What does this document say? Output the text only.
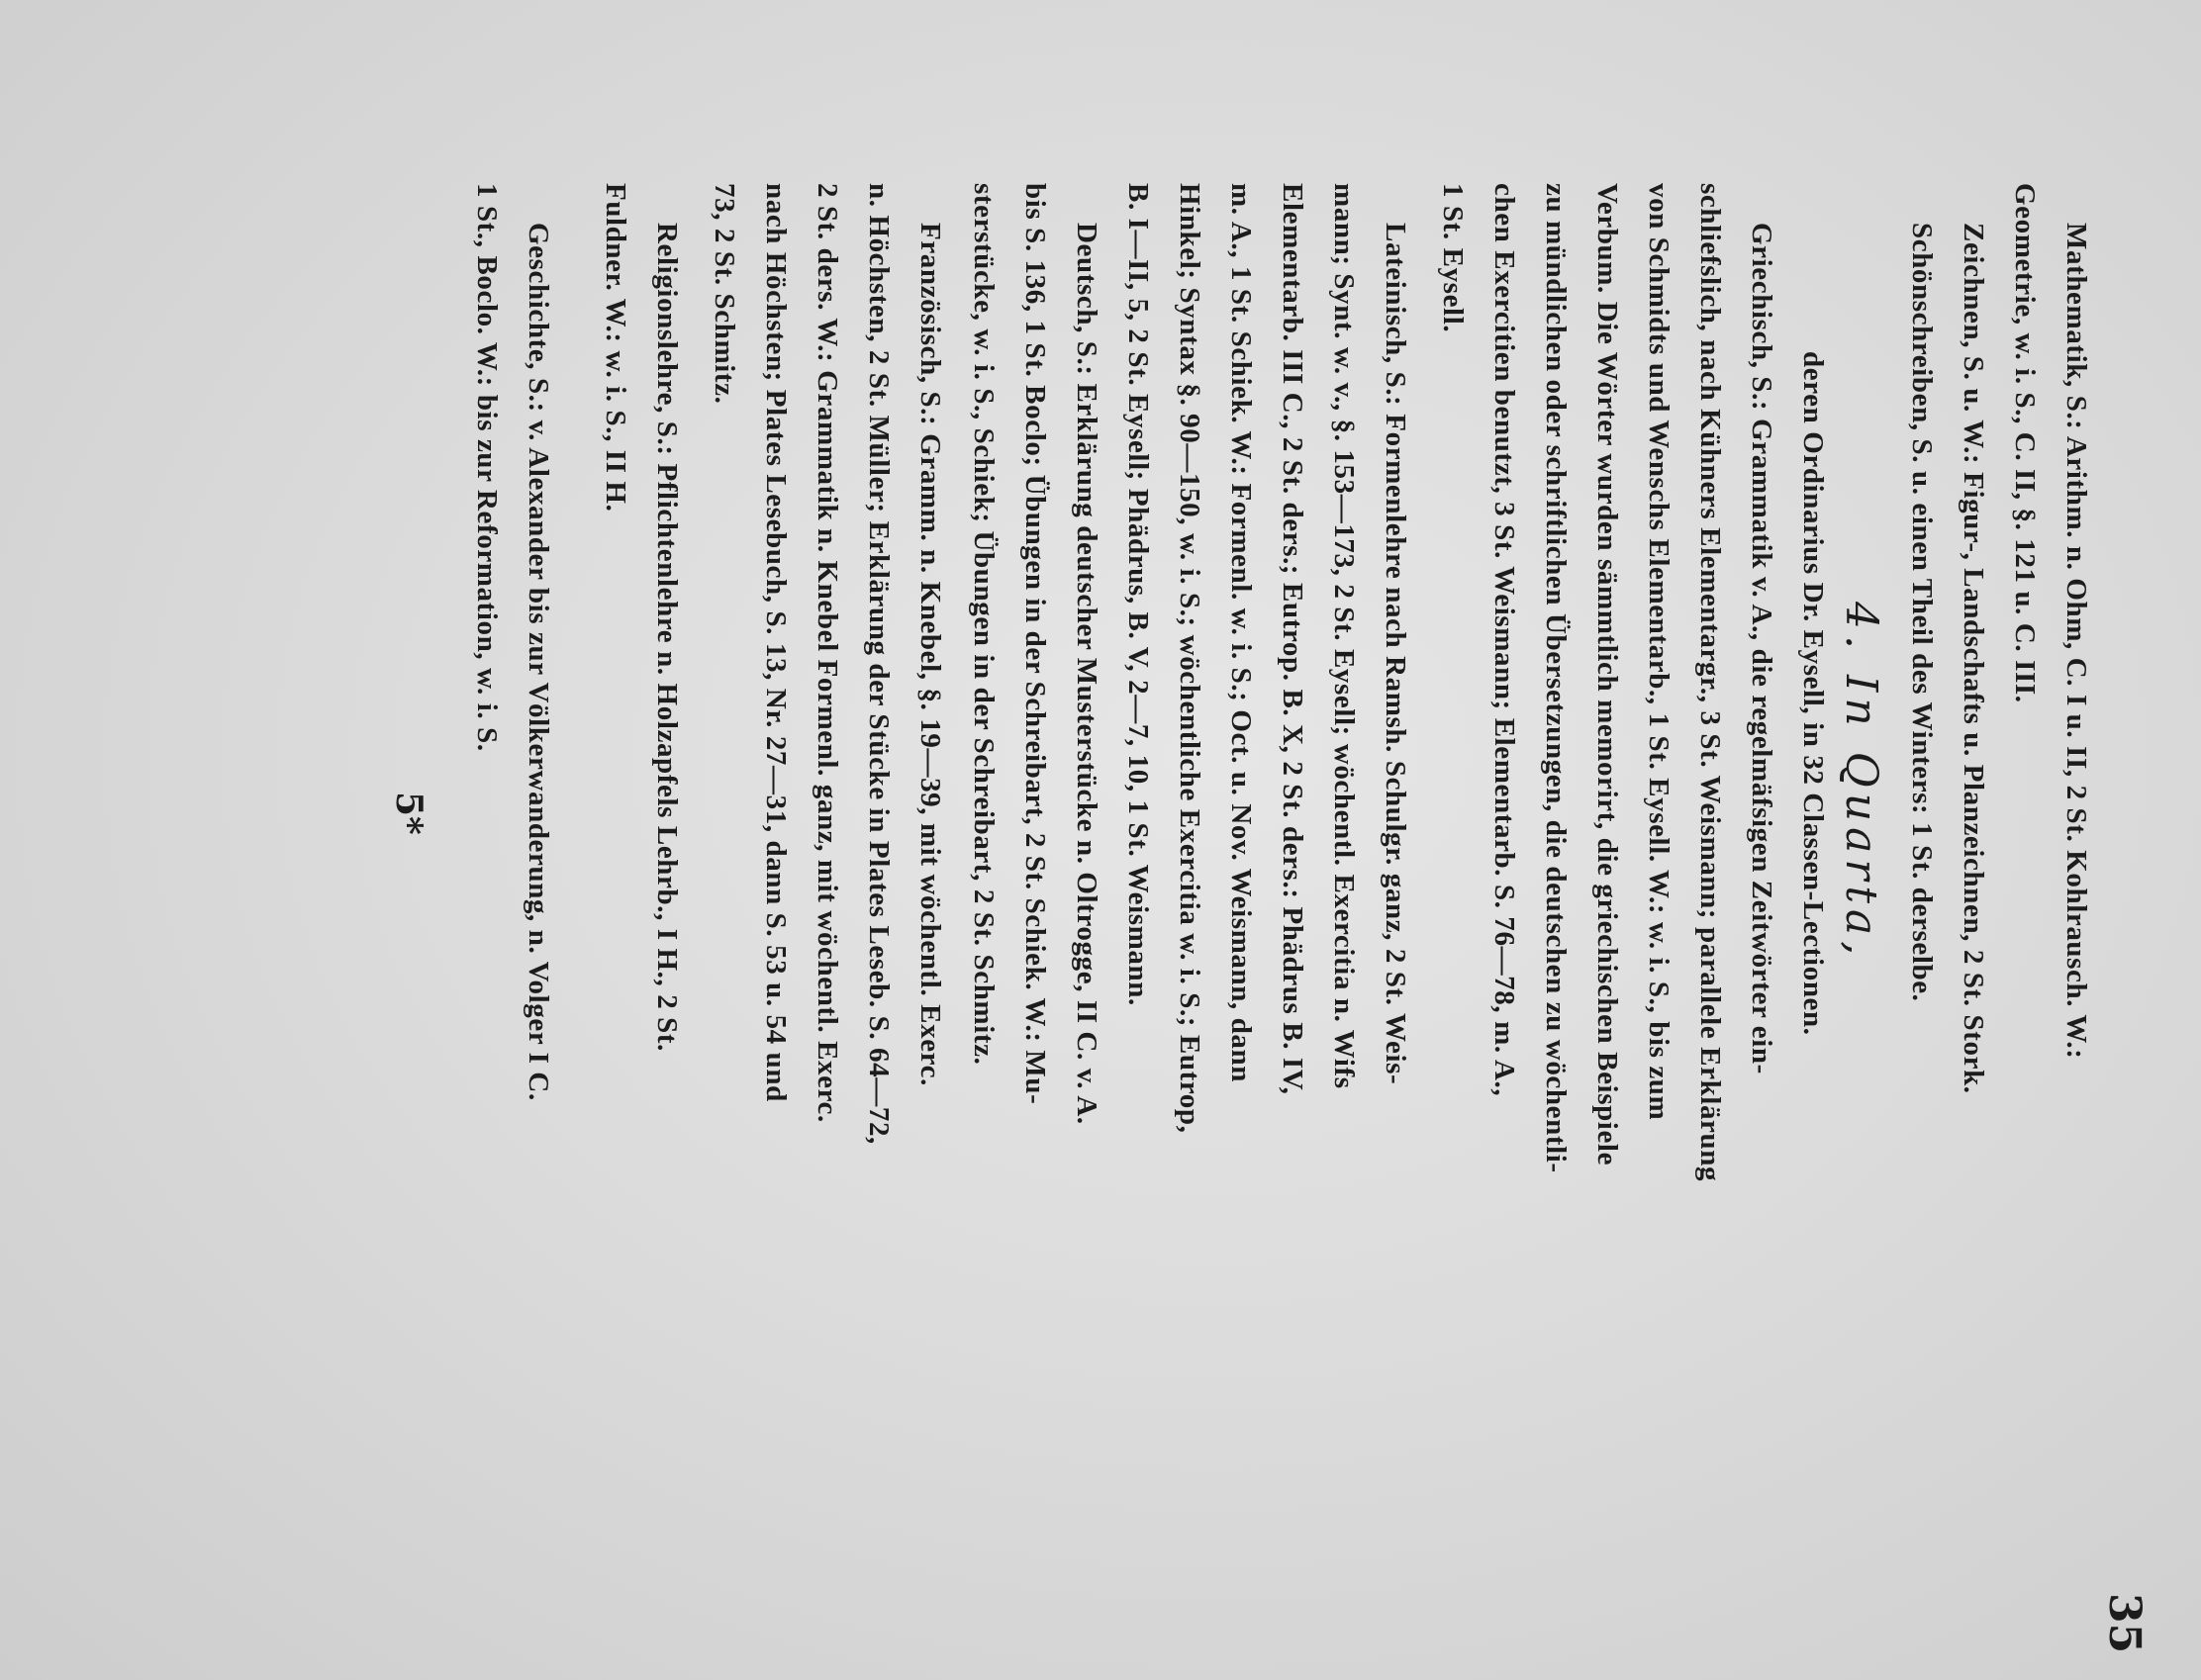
35
Mathematik, S.: Arithm. n. Ohm, C. I u. II, 2 St. Kohlrausch. W.:
Geometrie, w. i. S., C. II, §. 121 u. C. III.
Zeichnen, S. u. W.: Figur-, Landschafts u. Planzeichnen, 2 St. Stork.
Schönschreiben, S. u. einen Theil des Winters: 1 St. derselbe.
4. In Quarta,
deren Ordinarius Dr. Eysell, in 32 Classen-Lectionen.
Griechisch, S.: Grammatik v. A., die regelmäfsigen Zeitwörter ein-
schliefslich, nach Kühners Elementargr., 3 St. Weismann; parallele Erklärung
von Schmidts und Wenschs Elementarb., 1 St. Eysell. W.: w. i. S., bis zum
Verbum. Die Wörter wurden sämmtlich memorirt, die griechischen Beispiele
zu mündlichen oder schriftlichen Übersetzungen, die deutschen zu wöchentli-
chen Exercitien benutzt, 3 St. Weismann; Elementarb. S. 76—78, m. A.,
1 St. Eysell.
Lateinisch, S.: Formenlehre nach Ramsh. Schulgr. ganz, 2 St. Weis-
mann; Synt. w. v., §. 153—173, 2 St. Eysell; wöchentl. Exercitia n. Wifs
Elementarb. III C., 2 St. ders.; Eutrop. B. X, 2 St. ders.: Phädrus B. IV,
m. A., 1 St. Schiek. W.: Formenl. w. i. S.; Oct. u. Nov. Weismann, dann
Hinkel; Syntax §. 90—150, w. i. S.; wöchentliche Exercitia w. i. S.; Eutrop,
B. I—II, 5, 2 St. Eysell; Phädrus, B. V, 2—7, 10, 1 St. Weismann.
Deutsch, S.: Erklärung deutscher Musterstücke n. Oltrogge, II C. v. A.
bis S. 136, 1 St. Boclo; Übungen in der Schreibart, 2 St. Schiek. W.: Mu-
sterstücke, w. i. S., Schiek; Übungen in der Schreibart, 2 St. Schmitz.
Französisch, S.: Gramm. n. Knebel, §. 19—39, mit wöchentl. Exerc.
n. Höchsten, 2 St. Müller; Erklärung der Stücke in Plates Leseb. S. 64—72,
2 St. ders. W.: Grammatik n. Knebel Formenl. ganz, mit wöchentl. Exerc.
nach Höchsten; Plates Lesebuch, S. 13, Nr. 27—31, dann S. 53 u. 54 und
73, 2 St. Schmitz.
Religionslehre, S.: Pflichtenlehre n. Holzapfels Lehrb., I H., 2 St.
Fuldner. W.: w. i. S., II H.
Geschichte, S.: v. Alexander bis zur Völkerwanderung, n. Volger I C.
1 St., Boclo. W.: bis zur Reformation, w. i. S.
5*
